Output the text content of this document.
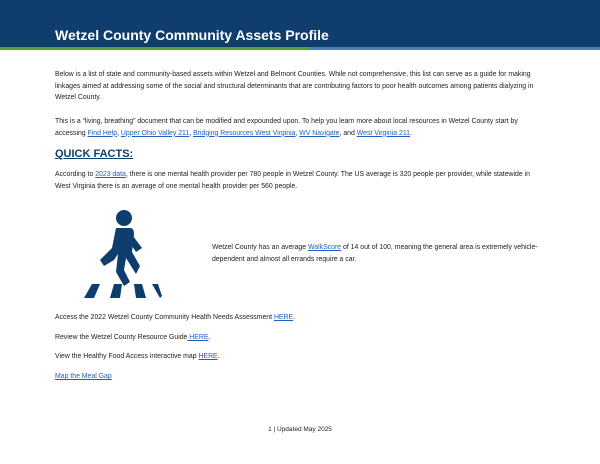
Wetzel County Community Assets Profile
Below is a list of state and community-based assets within Wetzel and Belmont Counties. While not comprehensive, this list can serve as a guide for making linkages aimed at addressing some of the social and structural determinants that are contributing factors to poor health outcomes among patients dialyzing in Wetzel County.
This is a “living, breathing” document that can be modified and expounded upon. To help you learn more about local resources in Wetzel County start by accessing Find Help, Upper Ohio Valley 211, Bridging Resources West Virginia, WV Navigate, and West Virginia 211.
QUICK FACTS:
According to 2023 data, there is one mental health provider per 780 people in Wetzel County. The US average is 320 people per provider, while statewide in West Virginia there is an average of one mental health provider per 560 people.
Wetzel County has an average WalkScore of 14 out of 100, meaning the general area is extremely vehicle-dependent and almost all errands require a car.
Access the 2022 Wetzel County Community Health Needs Assessment HERE.
Review the Wetzel County Resource Guide HERE.
View the Healthy Food Access interactive map HERE.
Map the Meal Gap
1 | Updated May 2025
